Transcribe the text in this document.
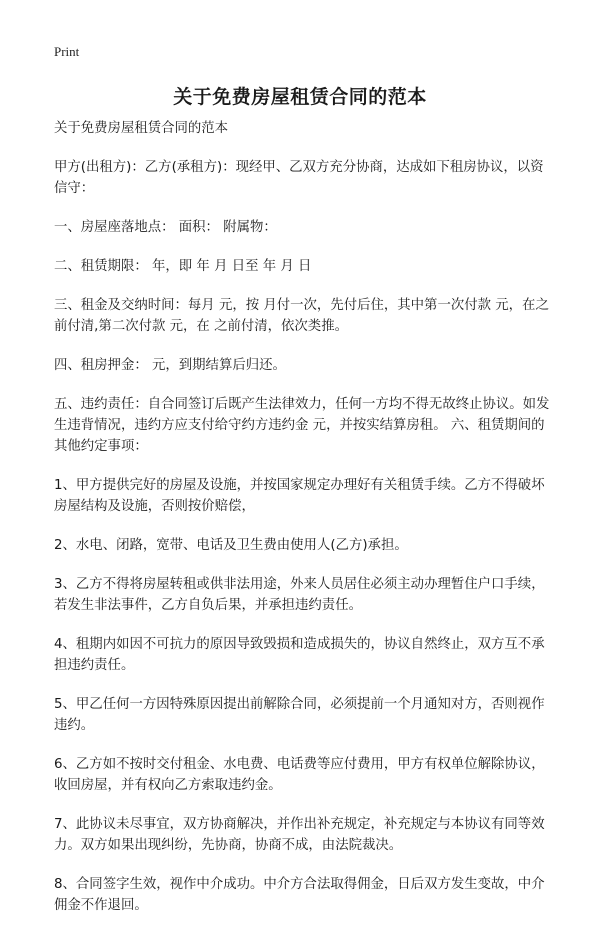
Print
关于免费房屋租赁合同的范本

关于免费房屋租赁合同的范本

甲方(出租方)：乙方(承租方)：现经甲、乙双方充分协商，达成如下租房协议，以资信守：

一、房屋座落地点： 面积： 附属物：

二、租赁期限： 年，即 年 月 日至 年 月 日

三、租金及交纳时间：每月 元，按 月付一次，先付后住，其中第一次付款 元，在之前付清,第二次付款 元，在 之前付清，依次类推。

四、租房押金： 元，到期结算后归还。

五、违约责任：自合同签订后既产生法律效力，任何一方均不得无故终止协议。如发生违背情况，违约方应支付给守约方违约金 元，并按实结算房租。 六、租赁期间的其他约定事项：

1、甲方提供完好的房屋及设施，并按国家规定办理好有关租赁手续。乙方不得破坏房屋结构及设施，否则按价赔偿，

2、水电、闭路，宽带、电话及卫生费由使用人(乙方)承担。

3、乙方不得将房屋转租或供非法用途，外来人员居住必须主动办理暂住户口手续，若发生非法事件，乙方自负后果，并承担违约责任。

4、租期内如因不可抗力的原因导致毁损和造成损失的，协议自然终止，双方互不承担违约责任。

5、甲乙任何一方因特殊原因提出前解除合同，必须提前一个月通知对方，否则视作违约。

6、乙方如不按时交付租金、水电费、电话费等应付费用，甲方有权单位解除协议，收回房屋，并有权向乙方索取违约金。

7、此协议未尽事宜，双方协商解决，并作出补充规定，补充规定与本协议有同等效力。双方如果出现纠纷，先协商，协商不成，由法院裁决。

8、合同签字生效，视作中介成功。中介方合法取得佣金，日后双方发生变故，中介佣金不作退回。
